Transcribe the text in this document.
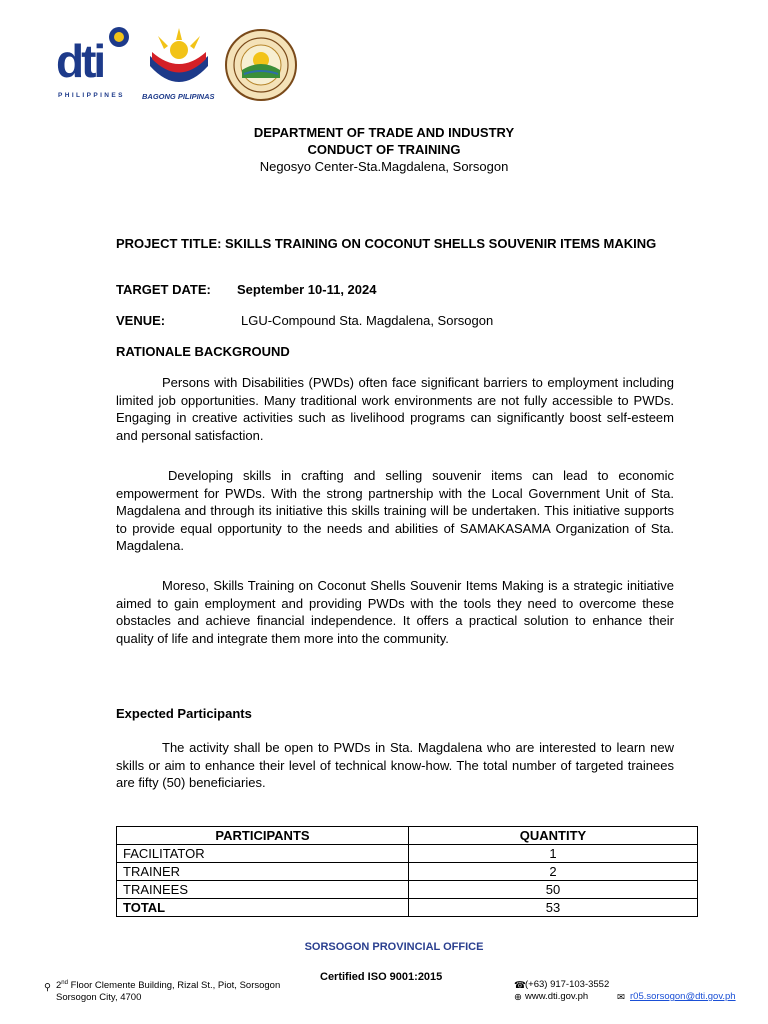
dti
PHILIPPINES BAGONG PILIPINAS
DEPARTMENT OF TRADE AND INDUSTRY
CONDUCT OF TRAINING
Negosyo Center-Sta.Magdalena, Sorsogon
PROJECT TITLE: SKILLS TRAINING ON COCONUT SHELLS SOUVENIR ITEMS MAKING
TARGET DATE: September 10-11, 2024
VENUE:	LGU-Compound Sta. Magdalena, Sorsogon
RATIONALE BACKGROUND
Persons with Disabilities (PWDs) often face significant barriers to employment including limited job opportunities. Many traditional work environments are not fully accessible to PWDs. Engaging in creative activities such as livelihood programs can significantly boost self-esteem and personal satisfaction.
Developing skills in crafting and selling souvenir items can lead to economic empowerment for PWDs. With the strong partnership with the Local Government Unit of Sta. Magdalena and through its initiative this skills training will be undertaken. This initiative supports to provide equal opportunity to the needs and abilities of SAMAKASAMA Organization of Sta. Magdalena.
Moreso, Skills Training on Coconut Shells Souvenir Items Making is a strategic initiative aimed to gain employment and providing PWDs with the tools they need to overcome these obstacles and achieve financial independence. It offers a practical solution to enhance their quality of life and integrate them more into the community.
Expected Participants
The activity shall be open to PWDs in Sta. Magdalena who are interested to learn new skills or aim to enhance their level of technical know-how. The total number of targeted trainees are fifty (50) beneficiaries.
PARTICIPANTS	QUANTITY
FACILITATOR	1
TRAINER	2
TRAINEES	50
TOTAL	53
SORSOGON PROVINCIAL OFFICE
Certified ISO 9001:2015
⚲ 2nd Floor Clemente Building, Rizal St., Piot, Sorsogon
Sorsogon City, 4700
☎ (+63) 917-103-3552
⊕ www.dti.gov.ph	✉ r05.sorsogon@dti.gov.ph
